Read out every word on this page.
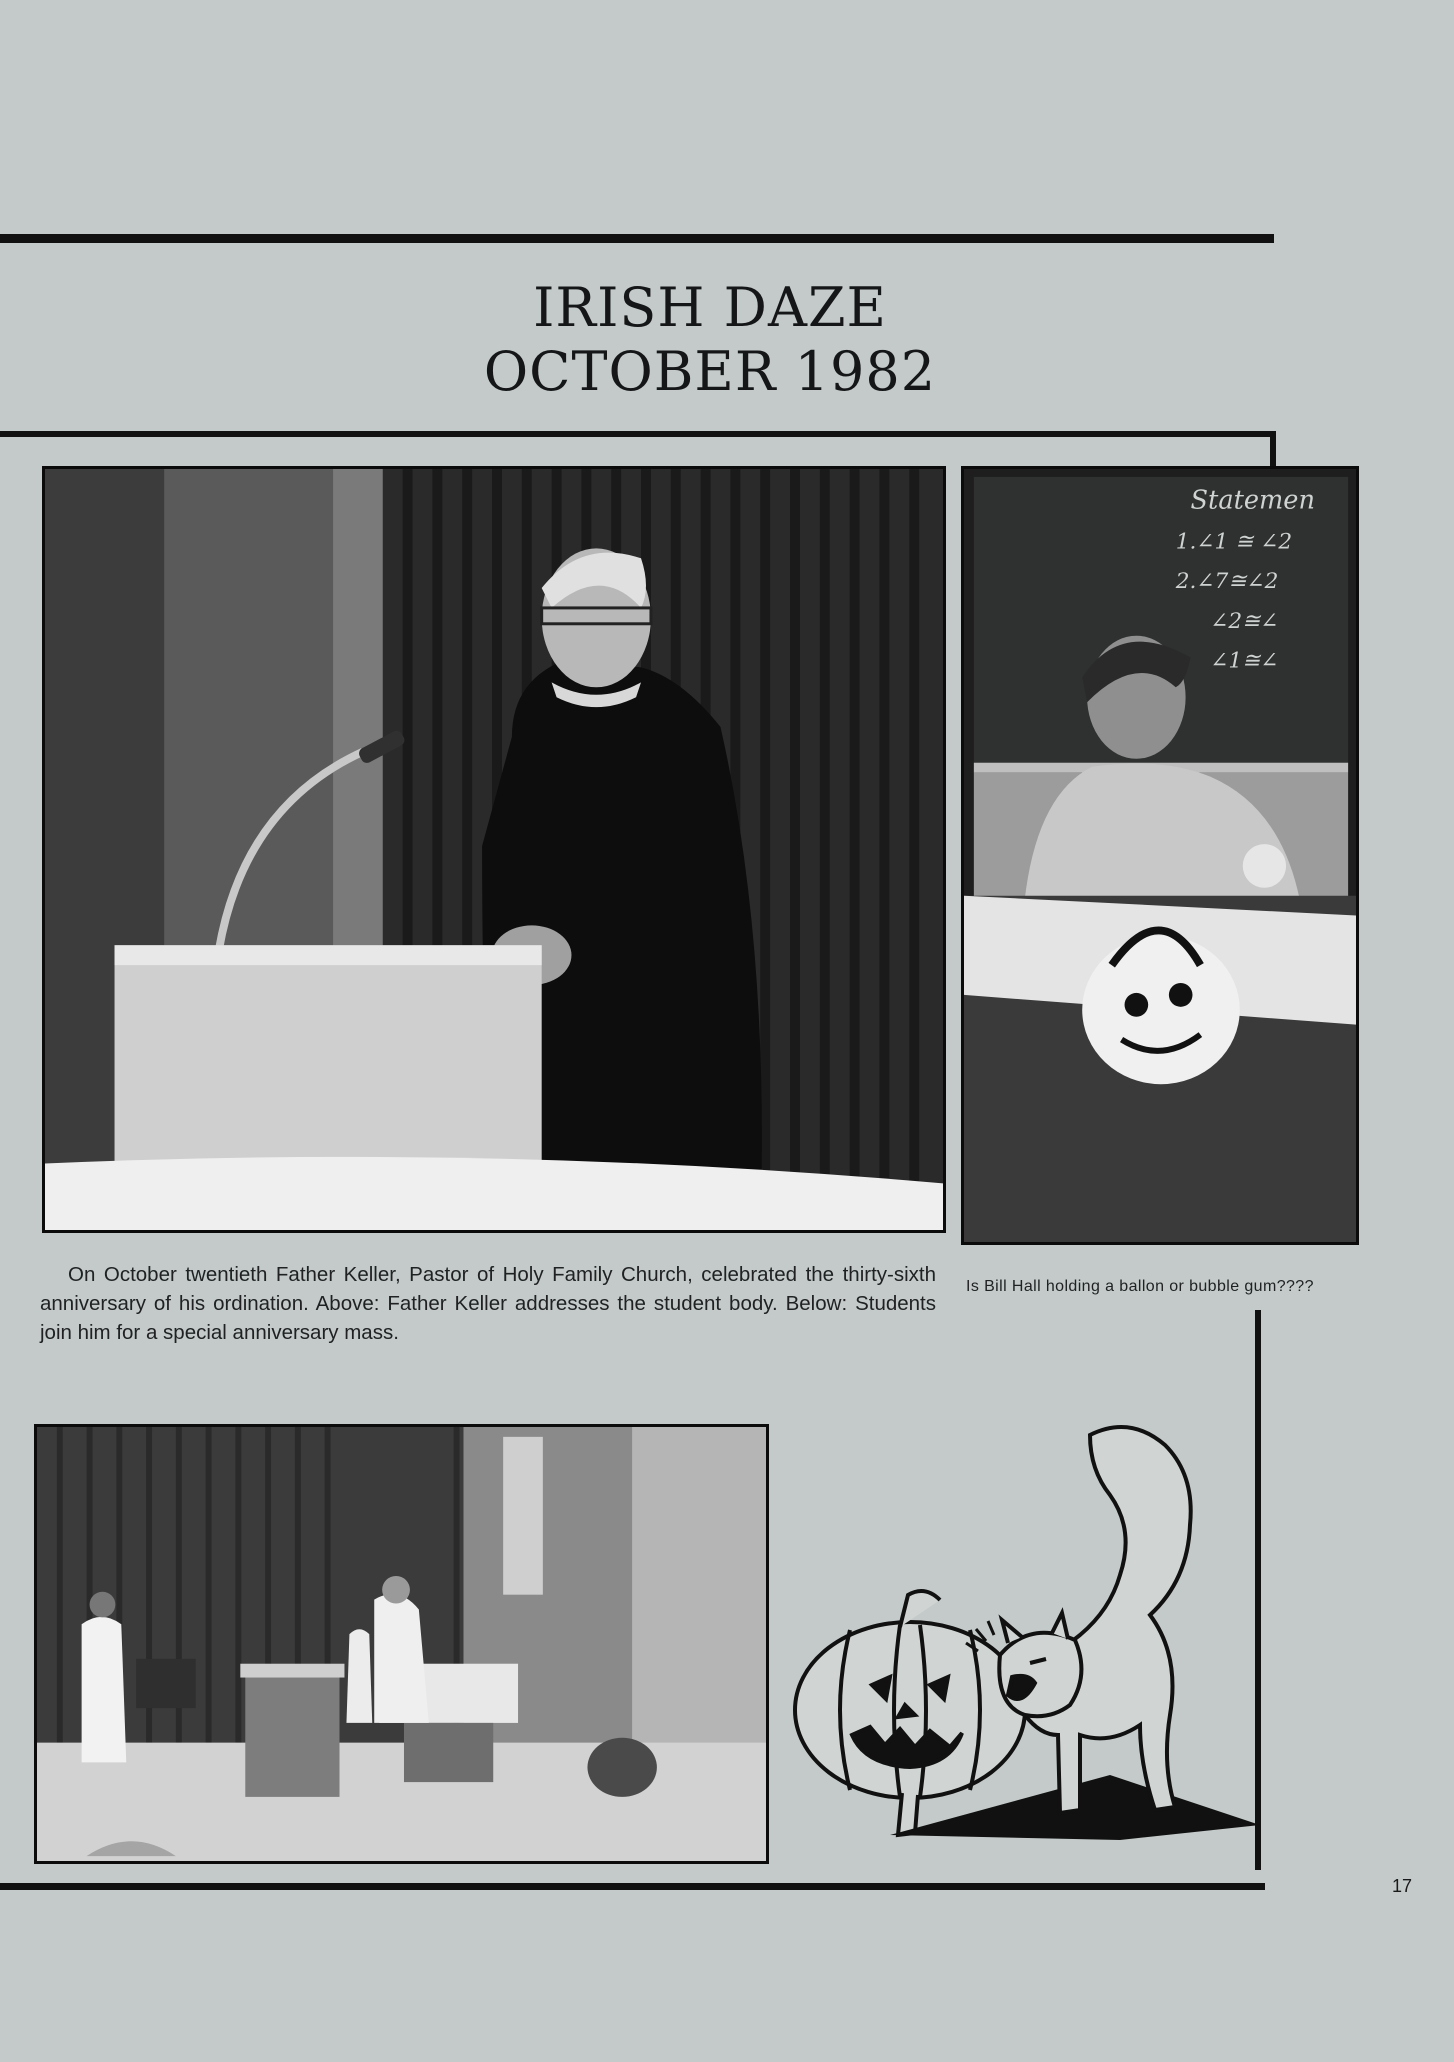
IRISH DAZE
OCTOBER 1982
Statemen
1.∠1 ≅ ∠2
2.∠7≅∠2
∠2≅∠
∠1≅∠

On October twentieth Father Keller, Pastor of Holy Family Church, celebrated the thirty-sixth anniversary of his ordination. Above: Father Keller addresses the student body. Below: Students join him for a special anniversary mass.

Is Bill Hall holding a ballon or bubble gum????

17
